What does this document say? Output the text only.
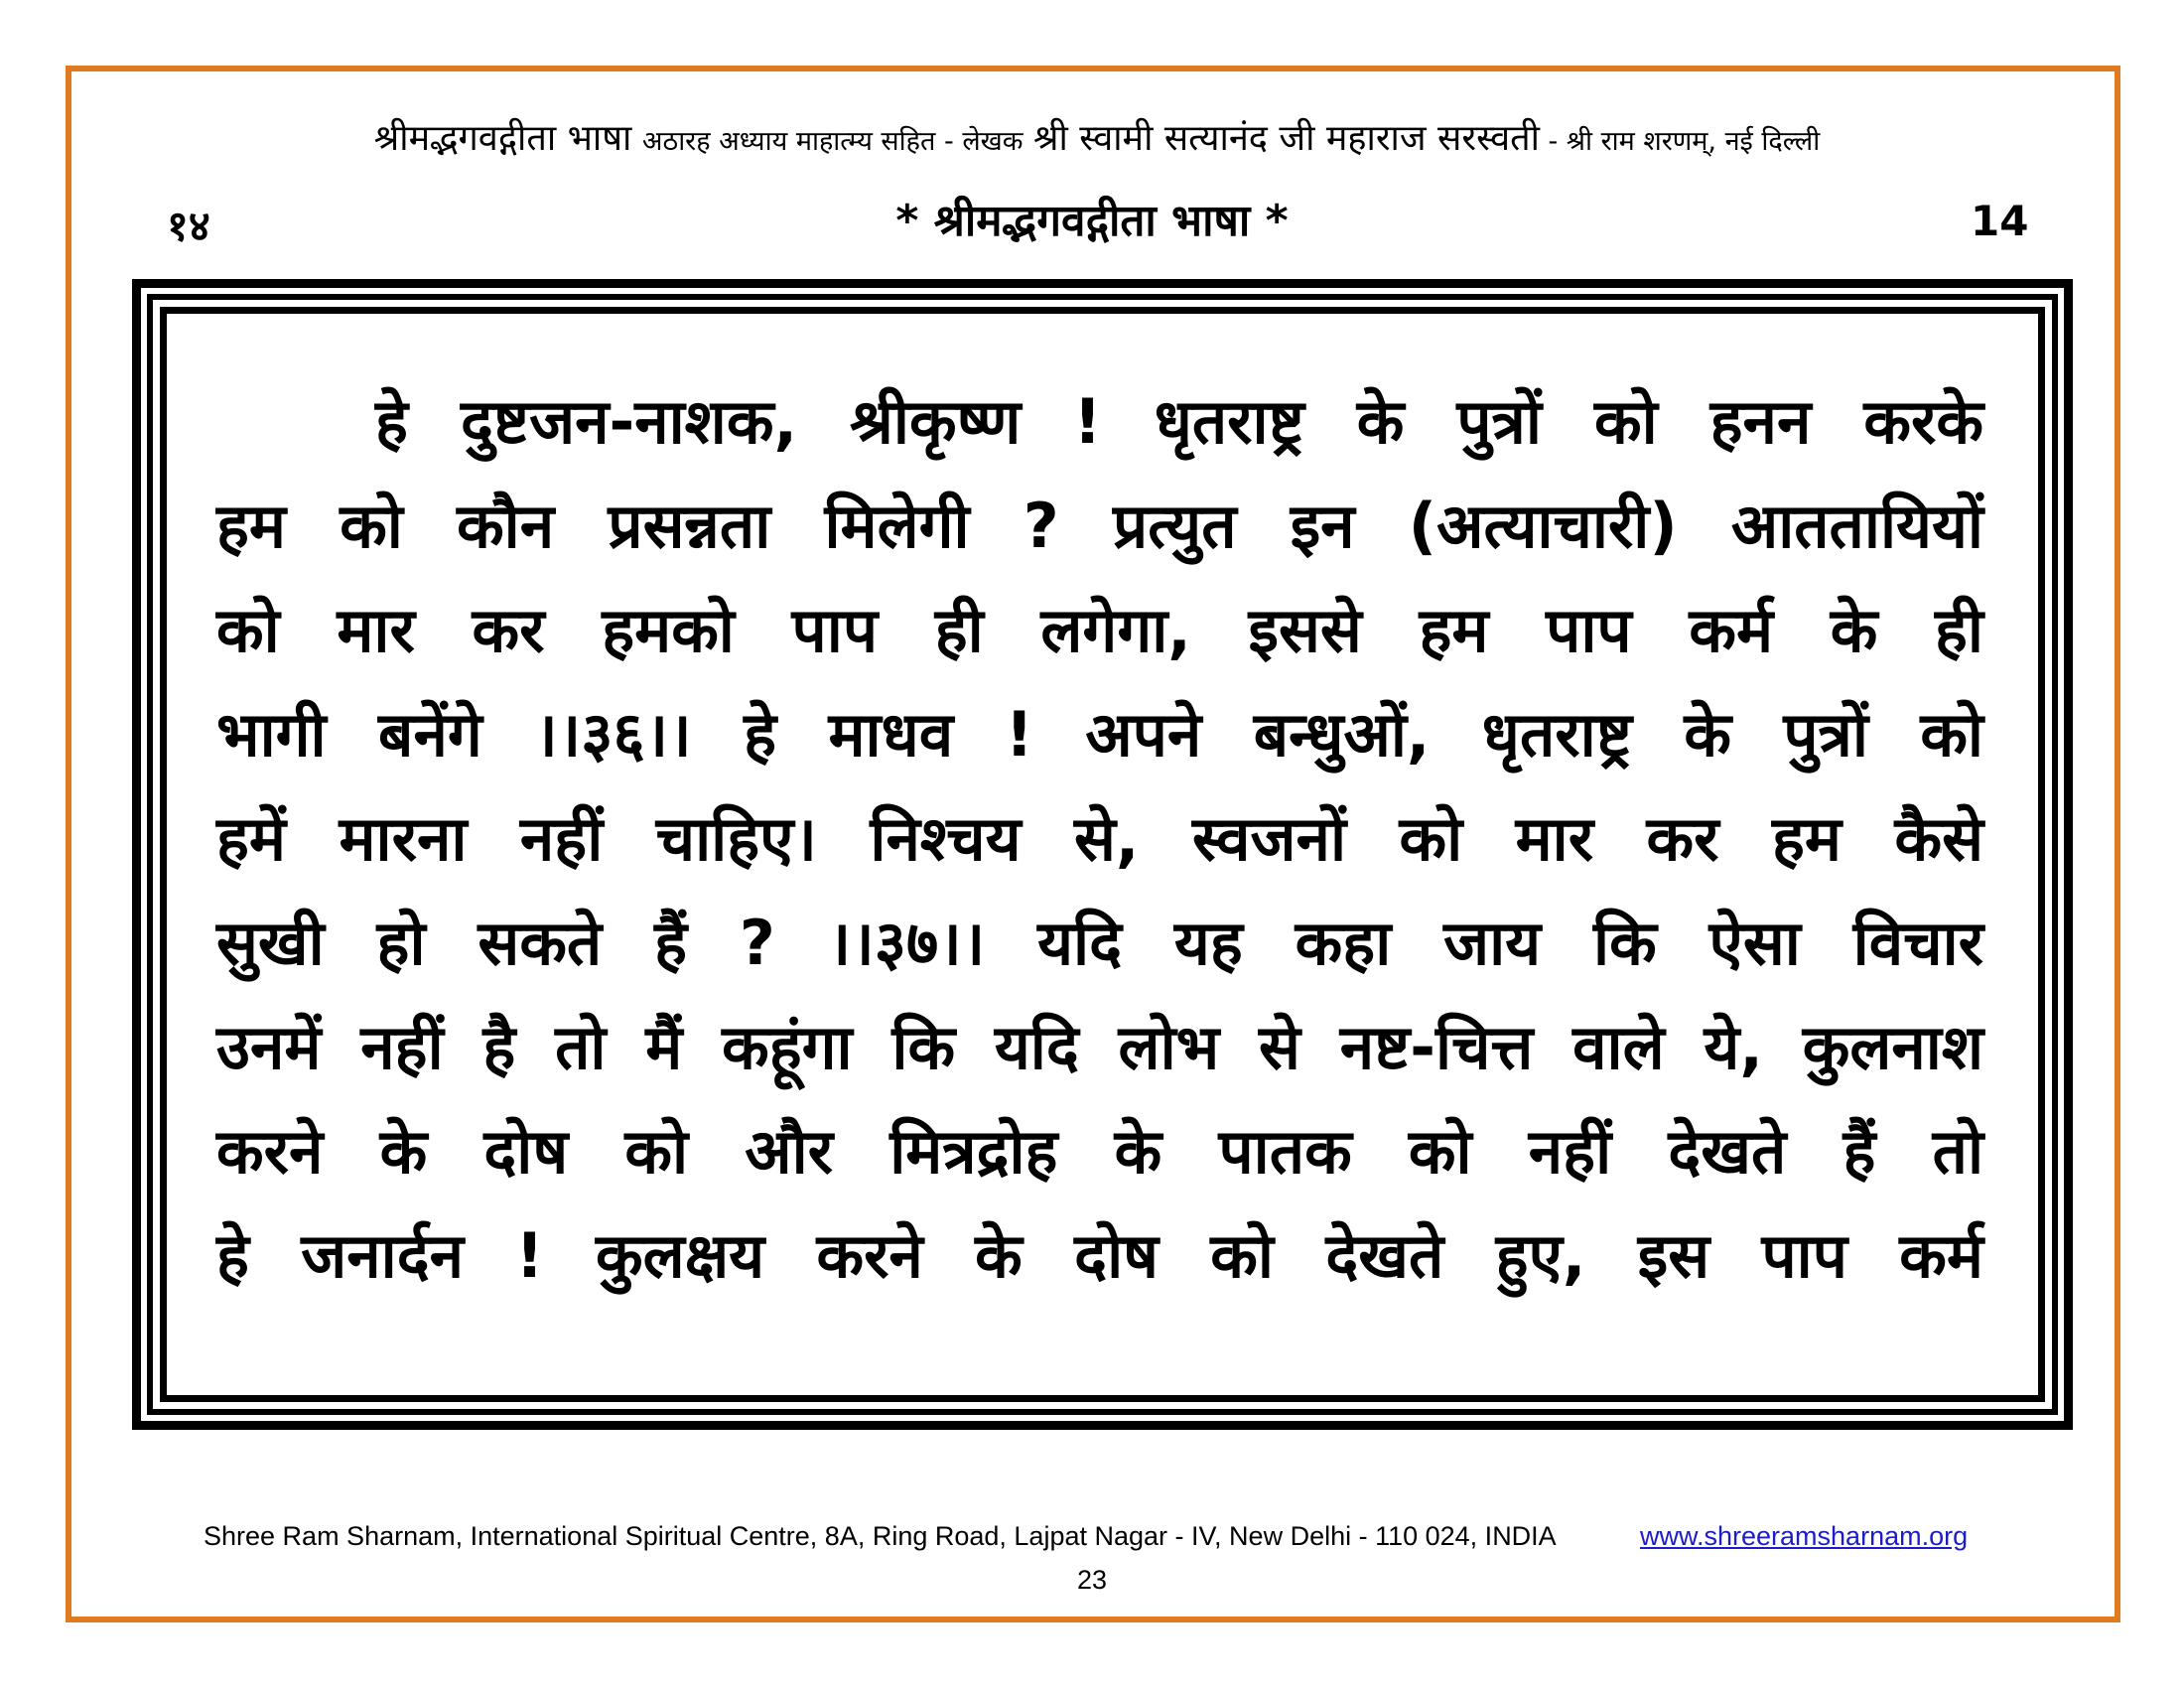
श्रीमद्भगवद्गीता भाषा अठारह अध्याय माहात्म्य सहित - लेखक श्री स्वामी सत्यानंद जी महाराज सरस्वती - श्री राम शरणम्, नई दिल्ली
१४	* श्रीमद्भगवद्गीता भाषा *	14
हे दुष्टजन-नाशक, श्रीकृष्ण ! धृतराष्ट्र के पुत्रों को हनन करके
हम को कौन प्रसन्नता मिलेगी ? प्रत्युत इन (अत्याचारी) आततायियों
को मार कर हमको पाप ही लगेगा, इससे हम पाप कर्म के ही
भागी बनेंगे ।।३६।। हे माधव ! अपने बन्धुओं, धृतराष्ट्र के पुत्रों को
हमें मारना नहीं चाहिए। निश्चय से, स्वजनों को मार कर हम कैसे
सुखी हो सकते हैं ? ।।३७।। यदि यह कहा जाय कि ऐसा विचार
उनमें नहीं है तो मैं कहूंगा कि यदि लोभ से नष्ट-चित्त वाले ये, कुलनाश
करने के दोष को और मित्रद्रोह के पातक को नहीं देखते हैं तो
हे जनार्दन ! कुलक्षय करने के दोष को देखते हुए, इस पाप कर्म
Shree Ram Sharnam, International Spiritual Centre, 8A, Ring Road, Lajpat Nagar - IV, New Delhi - 110 024, INDIA	www.shreeramsharnam.org
23
